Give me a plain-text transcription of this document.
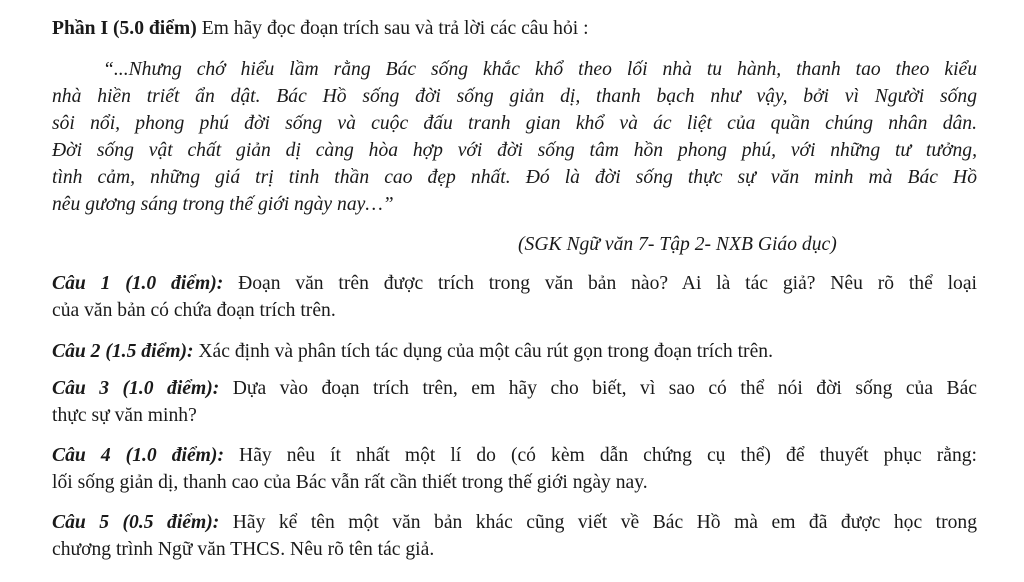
Phần I (5.0 điểm) Em hãy đọc đoạn trích sau và trả lời các câu hỏi :
“...Nhưng chớ hiểu lầm rằng Bác sống khắc khổ theo lối nhà tu hành, thanh tao theo kiểu
nhà hiền triết ẩn dật. Bác Hồ sống đời sống giản dị, thanh bạch như vậy, bởi vì Người sống
sôi nổi, phong phú đời sống và cuộc đấu tranh gian khổ và ác liệt của quần chúng nhân dân.
Đời sống vật chất giản dị càng hòa hợp với đời sống tâm hồn phong phú, với những tư tưởng,
tình cảm, những giá trị tinh thần cao đẹp nhất. Đó là đời sống thực sự văn minh mà Bác Hồ
nêu gương sáng trong thế giới ngày nay…”
(SGK Ngữ văn 7- Tập 2- NXB Giáo dục)
Câu 1 (1.0 điểm): Đoạn văn trên được trích trong văn bản nào? Ai là tác giả? Nêu rõ thể loại
của văn bản có chứa đoạn trích trên.
Câu 2 (1.5 điểm): Xác định và phân tích tác dụng của một câu rút gọn trong đoạn trích trên.
Câu 3 (1.0 điểm): Dựa vào đoạn trích trên, em hãy cho biết, vì sao có thể nói đời sống của Bác
thực sự văn minh?
Câu 4 (1.0 điểm): Hãy nêu ít nhất một lí do (có kèm dẫn chứng cụ thể) để thuyết phục rằng:
lối sống giản dị, thanh cao của Bác vẫn rất cần thiết trong thế giới ngày nay.
Câu 5 (0.5 điểm): Hãy kể tên một văn bản khác cũng viết về Bác Hồ mà em đã được học trong
chương trình Ngữ văn THCS. Nêu rõ tên tác giả.
